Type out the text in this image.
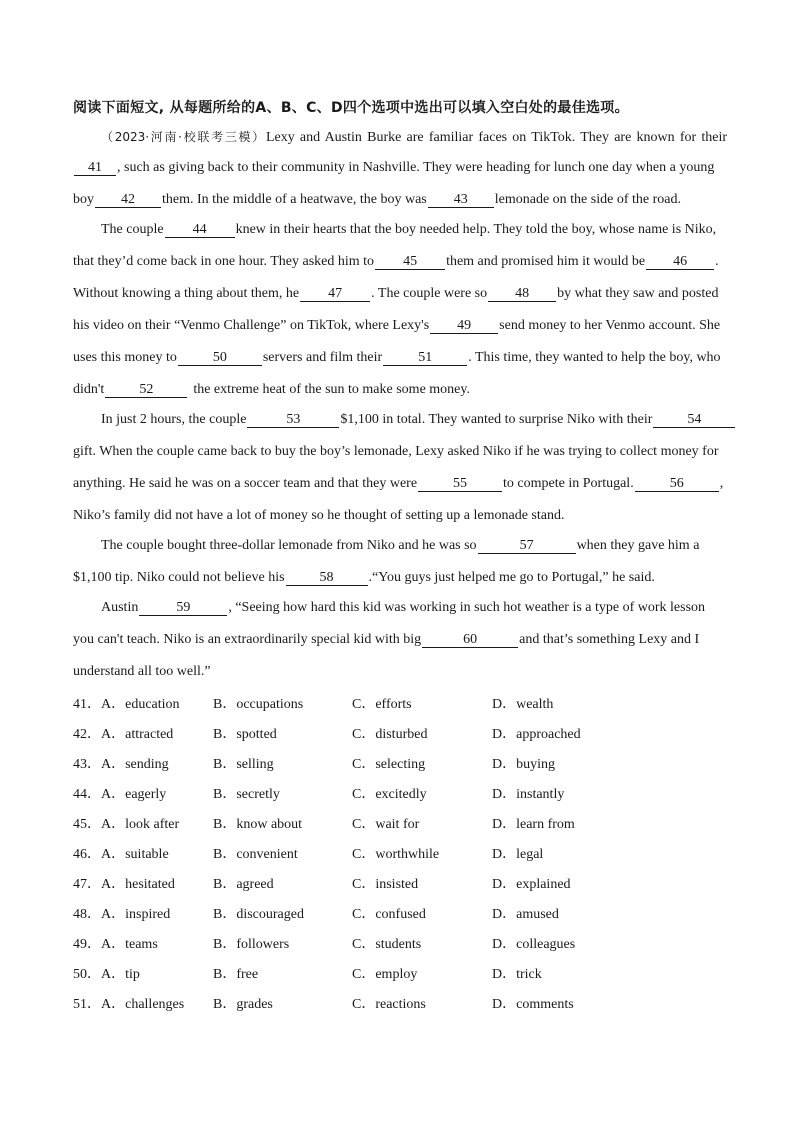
阅读下面短文, 从每题所给的A、B、C、D四个选项中选出可以填入空白处的最佳选项。
（2023·河南·校联考三模）Lexy and Austin Burke are familiar faces on TikTok. They are known for their
41 , such as giving back to their community in Nashville. They were heading for lunch one day when a young
boy 42 them. In the middle of a heatwave, the boy was 43 lemonade on the side of the road.
The couple 44 knew in their hearts that the boy needed help. They told the boy, whose name is Niko,
that they’d come back in one hour. They asked him to 45 them and promised him it would be 46 .
Without knowing a thing about them, he 47 . The couple were so 48 by what they saw and posted
his video on their “Venmo Challenge” on TikTok, where Lexy's 49 send money to her Venmo account. She
uses this money to	50	servers and film their	51	. This time, they wanted to help the boy, who
didn't	52	the extreme heat of the sun to make some money.
In just 2 hours, the couple	53	$1,100 in total. They wanted to surprise Niko with their	54
gift. When the couple came back to buy the boy’s lemonade, Lexy asked Niko if he was trying to collect money for
anything. He said he was on a soccer team and that they were	55	to compete in Portugal.	56	,
Niko’s family did not have a lot of money so he thought of setting up a lemonade stand.
The couple bought three-dollar lemonade from Niko and he was so	57	when they gave him a
$1,100 tip. Niko could not believe his	58	.“You guys just helped me go to Portugal,” he said.
Austin	59	, “Seeing how hard this kid was working in such hot weather is a type of work lesson
you can't teach. Niko is an extraordinarily special kid with big	60	and that’s something Lexy and I
understand all too well.”
41． A．education B．occupations	C．efforts	D．wealth
42． A．attracted	B．spotted	C．disturbed	D．approached
43． A．sending	B．selling	C．selecting	D．buying
44． A．eagerly	B．secretly	C．excitedly	D．instantly
45． A．look after B．know about	C．wait for	D．learn from
46． A．suitable	B．convenient	C．worthwhile	D．legal
47． A．hesitated	B．agreed	C．insisted	D．explained
48． A．inspired	B．discouraged	C．confused	D．amused
49． A．teams	B．followers	C．students	D．colleagues
50． A．tip	B．free	C．employ	D．trick
51． A．challenges B．grades	C．reactions	D．comments
